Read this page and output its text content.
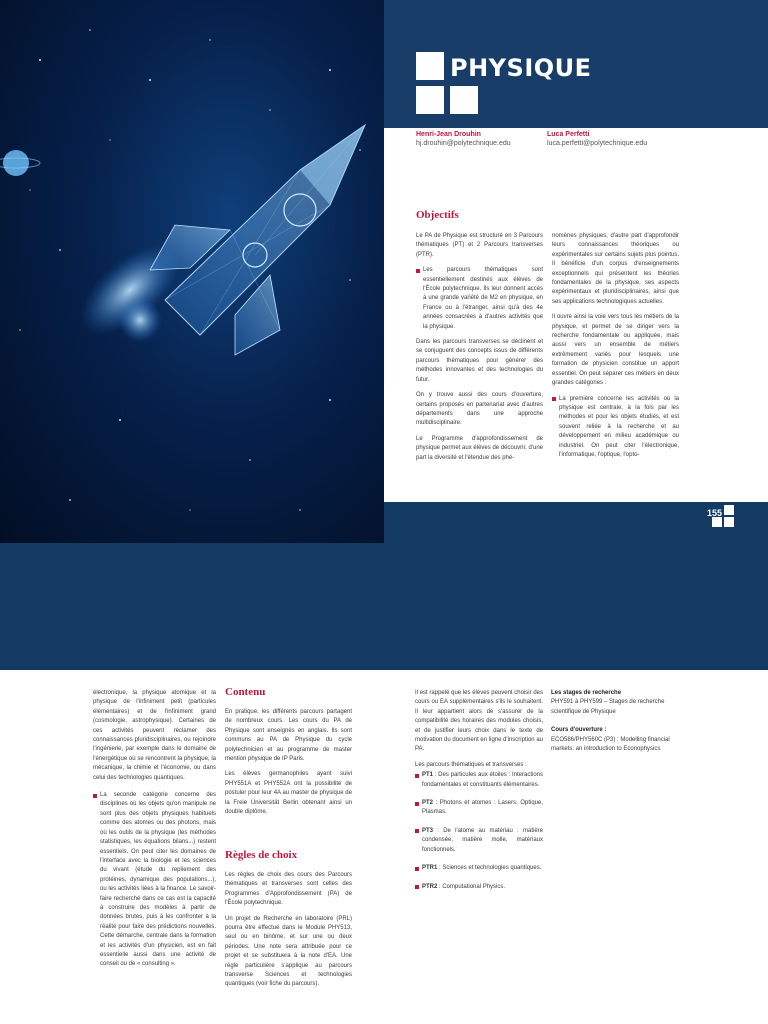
PHYSIQUE
Henri-Jean Drouhin
hj.drouhin@polytechnique.edu
Luca Perfetti
luca.perfetti@polytechnique.edu
Objectifs

Le PA de Physique est structuré en 3 Parcours thématiques (PT) et 2 Parcours transverses (PTR).

Les parcours thématiques sont essentiellement destinés aux élèves de l'École polytechnique. Ils leur donnent accès à une grande variété de M2 en physique, en France ou à l'étranger, ainsi qu'à des 4e années consacrées à d'autres activités que la physique.

Dans les parcours transverses se déclinent et se conjuguent des concepts issus de différents parcours thématiques pour générer des méthodes innovantes et des technologies du futur.

On y trouve aussi des cours d'ouverture, certains proposés en partenariat avec d'autres départements dans une approche multidisciplinaire.

Le Programme d'approfondissement de physique permet aux élèves de découvrir, d'une part la diversité et l'étendue des phé-

nomènes physiques, d'autre part d'approfondir leurs connaissances théoriques ou expérimentales sur certains sujets plus pointus. Il bénéficie d'un corpus d'enseignements exceptionnels qui présentent les théories fondamentales de la physique, ses aspects expérimentaux et pluridisciplinaires, ainsi que ses applications technologiques actuelles.

Il ouvre ainsi la voie vers tous les métiers de la physique, et permet de se diriger vers la recherche fondamentale ou appliquée, mais aussi vers un ensemble de métiers extrêmement variés pour lesquels une formation de physicien constitue un apport essentiel. On peut séparer ces métiers en deux grandes catégories :

La première concerne les activités où la physique est centrale, à la fois par les méthodes et pour les objets étudiés, et est souvent reliée à la recherche et au développement en milieu académique ou industriel. On peut citer l'électronique, l'informatique, l'optique, l'opto-

155

électronique, la physique atomique et la physique de l'infiniment petit (particules élémentaires) et de l'infiniment grand (cosmologie, astrophysique). Certaines de ces activités peuvent réclamer des connaissances pluridisciplinaires, ou rejoindre l'ingénierie, par exemple dans le domaine de l'énergétique où se rencontrent la physique, la mécanique, la chimie et l'économie, ou dans celui des technologies quantiques.

La seconde catégorie concerne des disciplines où les objets qu'on manipule ne sont plus des objets physiques habituels comme des atomes ou des photons, mais où les outils de la physique (les méthodes statistiques, les équations bilans...) restent essentiels. On peut citer les domaines de l'interface avec la biologie et les sciences du vivant (étude du repliement des protéines, dynamique des populations...), ou les activités liées à la finance. Le savoir-faire recherché dans ce cas est la capacité à construire des modèles à partir de données brutes, puis à les confronter à la réalité pour faire des prédictions nouvelles. Cette démarche, centrale dans la formation et les activités d'un physicien, est en fait essentielle aussi dans une activité de conseil ou de « consulting ».

Contenu

En pratique, les différents parcours partagent de nombreux cours. Les cours du PA de Physique sont enseignés en anglais. Ils sont communs au PA de Physique du cycle polytechnicien et au programme de master mention physique de IP Paris.

Les élèves germanophiles ayant suivi PHY551A et PHY552A ont la possibilité de postuler pour leur 4A au master de physique de la Freie Universität Berlin obtenant ainsi un double diplôme.

Règles de choix

Les règles de choix des cours des Parcours thématiques et transverses sont celles des Programmes d'Approfondissement (PA) de l'École polytechnique.

Un projet de Recherche en laboratoire (PRL) pourra être effectué dans le Module PHY513, seul ou en binôme, et sur une ou deux périodes. Une note sera attribuée pour ce projet et se substituera à la note d'EA. Une règle particulière s'applique au parcours transverse Sciences et technologies quantiques (voir fiche du parcours).

Il est rappelé que les élèves peuvent choisir des cours ou EA supplémentaires s'ils le souhaitent. Il leur appartient alors de s'assurer de la compatibilité des horaires des modules choisis, et de justifier leurs choix dans le texte de motivation du document en ligne d'inscription au PA.

Les parcours thématiques et transverses :

PT1 : Des particules aux étoiles : Interactions fondamentales et constituants élémentaires.
PT2 : Photons et atomes : Lasers, Optique, Plasmas.
PT3 : De l'atome au matériau : matière condensée, matière molle, matériaux fonctionnels.
PTR1 : Sciences et technologies quantiques.
PTR2 : Computational Physics.
Les stages de recherche

PHY591 à PHY599 – Stages de recherche scientifique de Physique

Cours d'ouverture :

ECO586/PHY560C (P3) : Modelling financial markets: an introduction to Econophysics
